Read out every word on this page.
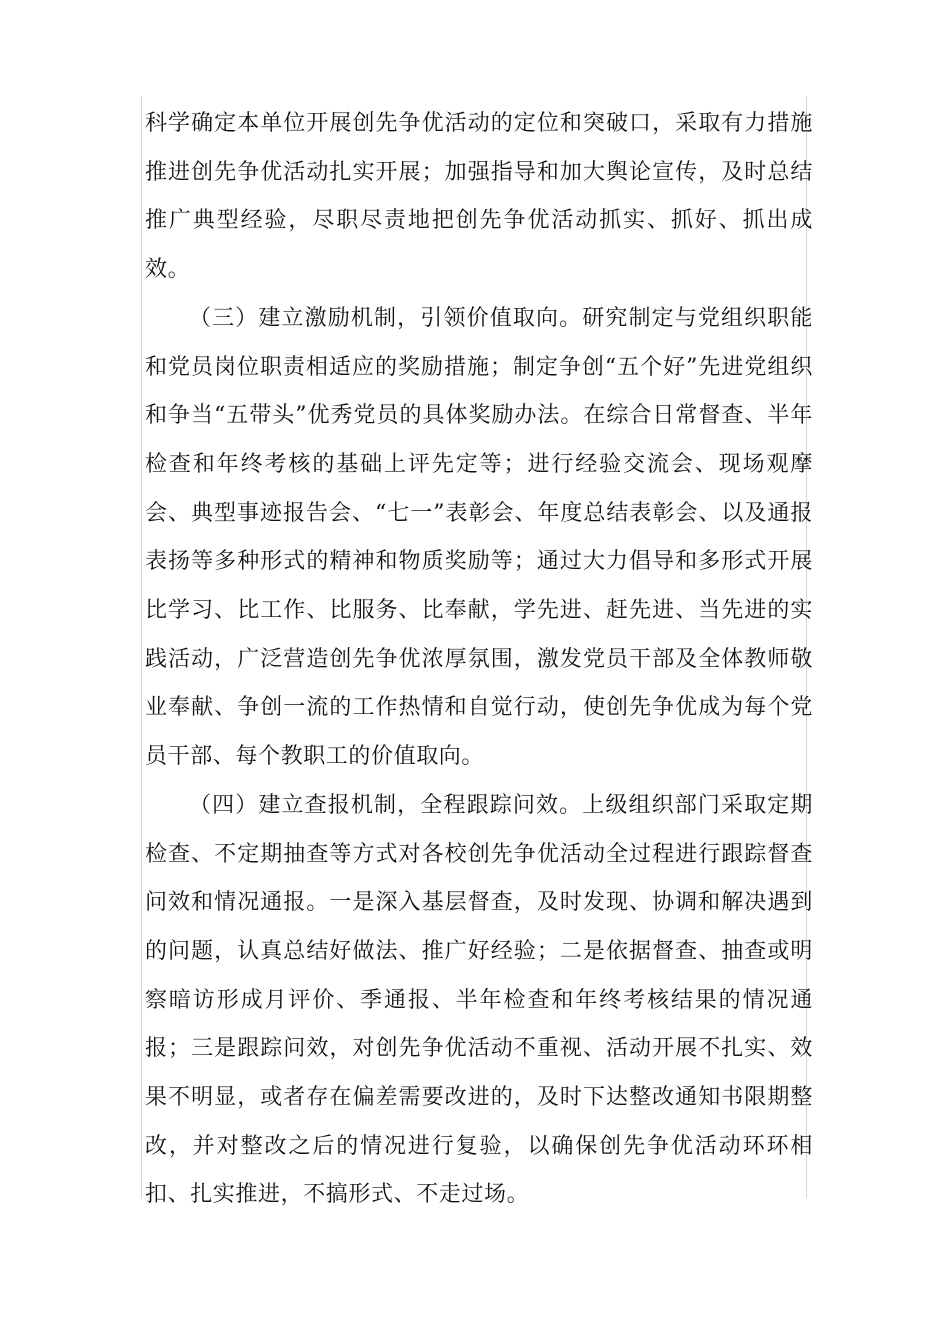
科学确定本单位开展创先争优活动的定位和突破口，采取有力措施推进创先争优活动扎实开展；加强指导和加大舆论宣传，及时总结推广典型经验，尽职尽责地把创先争优活动抓实、抓好、抓出成效。

（三）建立激励机制，引领价值取向。研究制定与党组织职能和党员岗位职责相适应的奖励措施；制定争创“五个好”先进党组织和争当“五带头”优秀党员的具体奖励办法。在综合日常督查、半年检查和年终考核的基础上评先定等；进行经验交流会、现场观摩会、典型事迹报告会、“七一”表彰会、年度总结表彰会、以及通报表扬等多种形式的精神和物质奖励等；通过大力倡导和多形式开展比学习、比工作、比服务、比奉献，学先进、赶先进、当先进的实践活动，广泛营造创先争优浓厚氛围，激发党员干部及全体教师敬业奉献、争创一流的工作热情和自觉行动，使创先争优成为每个党员干部、每个教职工的价值取向。

（四）建立查报机制，全程跟踪问效。上级组织部门采取定期检查、不定期抽查等方式对各校创先争优活动全过程进行跟踪督查问效和情况通报。一是深入基层督查，及时发现、协调和解决遇到的问题，认真总结好做法、推广好经验；二是依据督查、抽查或明察暗访形成月评价、季通报、半年检查和年终考核结果的情况通报；三是跟踪问效，对创先争优活动不重视、活动开展不扎实、效果不明显，或者存在偏差需要改进的，及时下达整改通知书限期整改，并对整改之后的情况进行复验，以确保创先争优活动环环相扣、扎实推进，不搞形式、不走过场。
